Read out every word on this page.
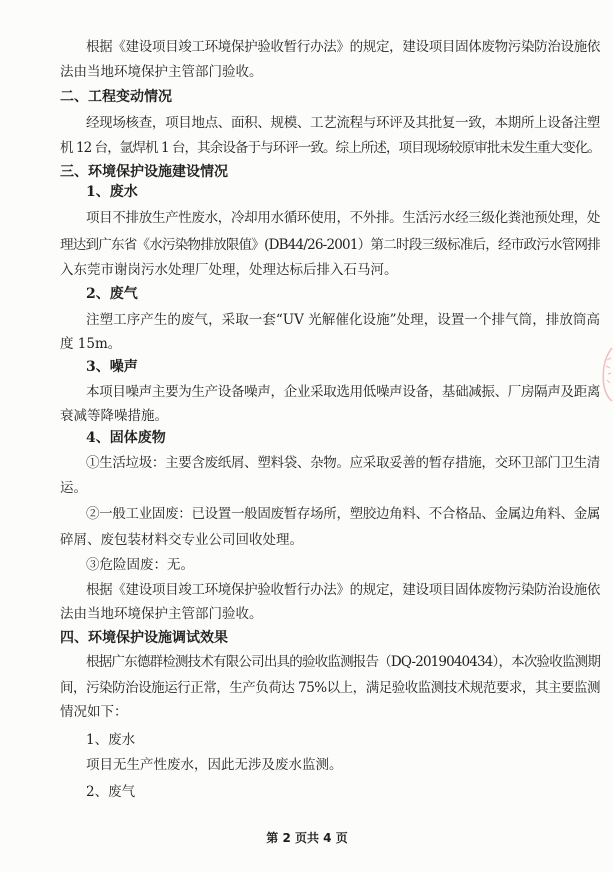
根据《建设项目竣工环境保护验收暂行办法》的规定，建设项目固体废物污染防治设施依
法由当地环境保护主管部门验收。
二、工程变动情况
经现场核查，项目地点、面积、规模、工艺流程与环评及其批复一致，本期所上设备注塑
机 12 台，氩焊机 1 台，其余设备于与环评一致。综上所述，项目现场较原审批未发生重大变化。
三、环境保护设施建设情况
1、废水
项目不排放生产性废水，冷却用水循环使用，不外排。生活污水经三级化粪池预处理，处
理达到广东省《水污染物排放限值》(DB44/26-2001）第二时段三级标准后，经市政污水管网排
入东莞市谢岗污水处理厂处理，处理达标后排入石马河。
2、废气
注塑工序产生的废气，采取一套“UV 光解催化设施”处理，设置一个排气筒，排放筒高
度 15m。
3、噪声
本项目噪声主要为生产设备噪声，企业采取选用低噪声设备，基础减振、厂房隔声及距离
衰减等降噪措施。
4、固体废物
①生活垃圾：主要含废纸屑、塑料袋、杂物。应采取妥善的暂存措施，交环卫部门卫生清
运。
②一般工业固废：已设置一般固废暂存场所，塑胶边角料、不合格品、金属边角料、金属
碎屑、废包装材料交专业公司回收处理。
③危险固废：无。
根据《建设项目竣工环境保护验收暂行办法》的规定，建设项目固体废物污染防治设施依
法由当地环境保护主管部门验收。
四、环境保护设施调试效果
根据广东德群检测技术有限公司出具的验收监测报告（DQ-2019040434），本次验收监测期
间，污染防治设施运行正常，生产负荷达 75%以上，满足验收监测技术规范要求，其主要监测
情况如下：
1、废水
项目无生产性废水，因此无涉及废水监测。
2、废气
第 2 页共 4 页
